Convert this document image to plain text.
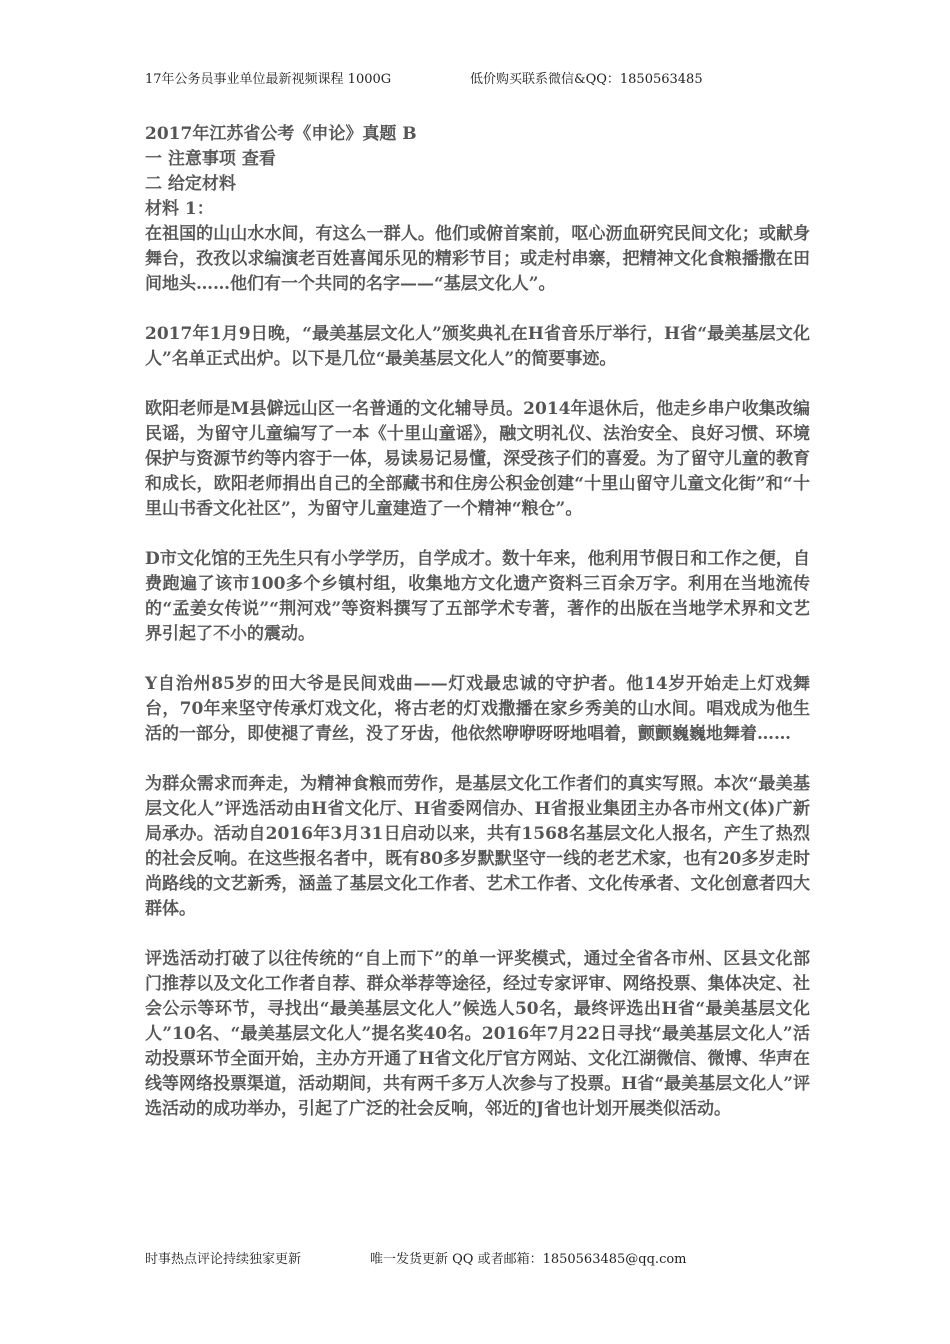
17年公务员事业单位最新视频课程 1000G	低价购买联系微信&QQ：1850563485

2017年江苏省公考《申论》真题 B

一 注意事项 查看

二 给定材料

材料 1：

在祖国的山山水水间，有这么一群人。他们或俯首案前，呕心沥血研究民间文化；或献身舞台，孜孜以求编演老百姓喜闻乐见的精彩节目；或走村串寨，把精神文化食粮播撒在田间地头……他们有一个共同的名字——“基层文化人”。

2017年1月9日晚，“最美基层文化人”颁奖典礼在H省音乐厅举行，H省“最美基层文化人”名单正式出炉。以下是几位“最美基层文化人”的简要事迹。

欧阳老师是M县僻远山区一名普通的文化辅导员。2014年退休后，他走乡串户收集改编民谣，为留守儿童编写了一本《十里山童谣》，融文明礼仪、法治安全、良好习惯、环境保护与资源节约等内容于一体，易读易记易懂，深受孩子们的喜爱。为了留守儿童的教育和成长，欧阳老师捐出自己的全部藏书和住房公积金创建“十里山留守儿童文化街”和“十里山书香文化社区”，为留守儿童建造了一个精神“粮仓”。

D市文化馆的王先生只有小学学历，自学成才。数十年来，他利用节假日和工作之便，自费跑遍了该市100多个乡镇村组，收集地方文化遗产资料三百余万字。利用在当地流传的“孟姜女传说”“荆河戏”等资料撰写了五部学术专著，著作的出版在当地学术界和文艺界引起了不小的震动。

Y自治州85岁的田大爷是民间戏曲——灯戏最忠诚的守护者。他14岁开始走上灯戏舞台，70年来坚守传承灯戏文化，将古老的灯戏撒播在家乡秀美的山水间。唱戏成为他生活的一部分，即使褪了青丝，没了牙齿，他依然咿咿呀呀地唱着，颤颤巍巍地舞着……

为群众需求而奔走，为精神食粮而劳作，是基层文化工作者们的真实写照。本次“最美基层文化人”评选活动由H省文化厅、H省委网信办、H省报业集团主办各市州文(体)广新局承办。活动自2016年3月31日启动以来，共有1568名基层文化人报名，产生了热烈的社会反响。在这些报名者中，既有80多岁默默坚守一线的老艺术家，也有20多岁走时尚路线的文艺新秀，涵盖了基层文化工作者、艺术工作者、文化传承者、文化创意者四大群体。

评选活动打破了以往传统的“自上而下”的单一评奖模式，通过全省各市州、区县文化部门推荐以及文化工作者自荐、群众举荐等途径，经过专家评审、网络投票、集体决定、社会公示等环节，寻找出“最美基层文化人”候选人50名，最终评选出H省“最美基层文化人”10名、“最美基层文化人”提名奖40名。2016年7月22日寻找“最美基层文化人”活动投票环节全面开始，主办方开通了H省文化厅官方网站、文化江湖微信、微博、华声在线等网络投票渠道，活动期间，共有两千多万人次参与了投票。H省“最美基层文化人”评选活动的成功举办，引起了广泛的社会反响，邻近的J省也计划开展类似活动。

时事热点评论持续独家更新	唯一发货更新 QQ 或者邮箱：1850563485@qq.com
